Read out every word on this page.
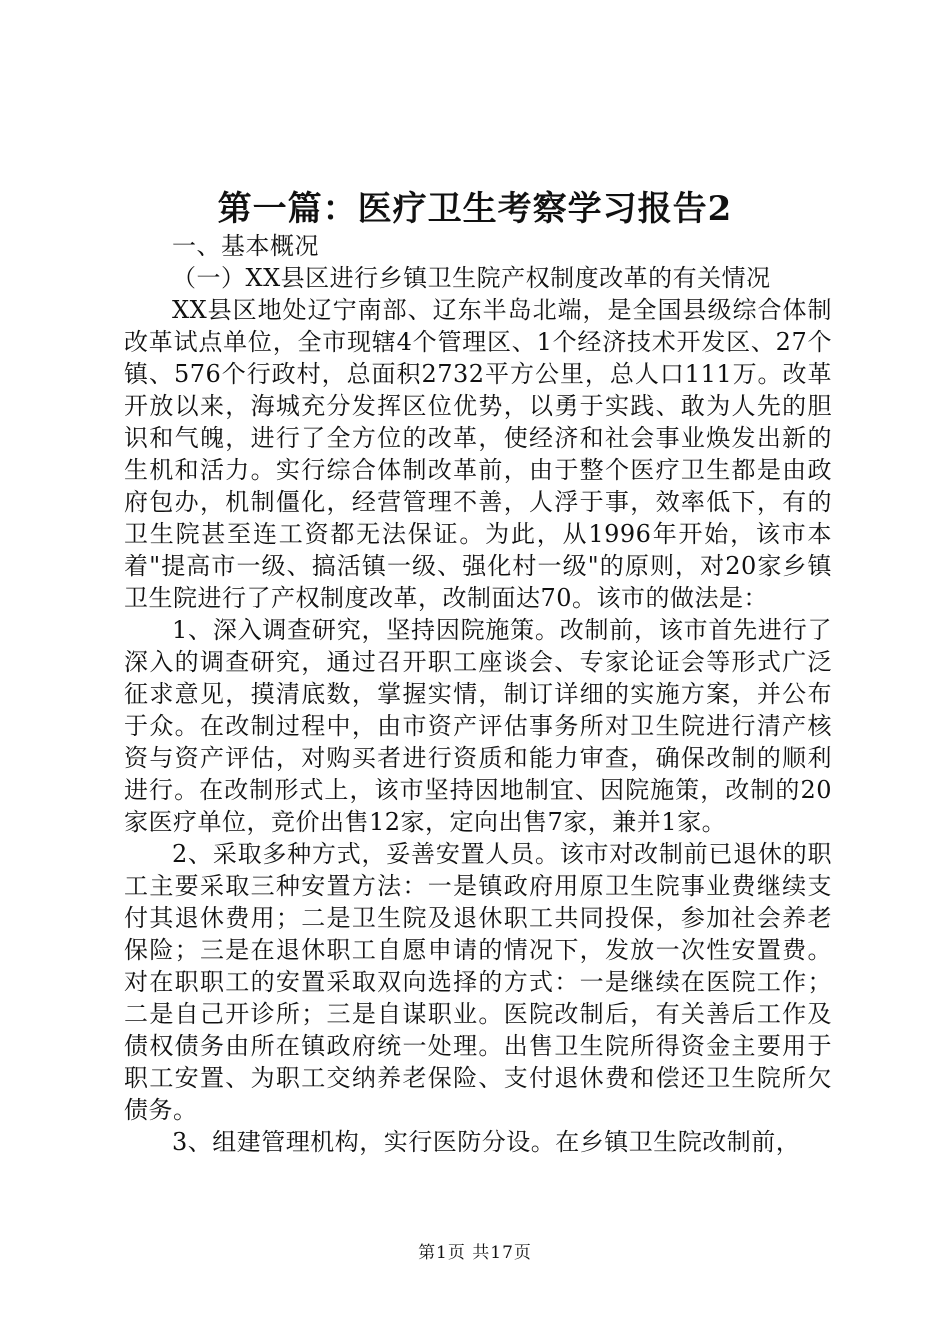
第一篇：医疗卫生考察学习报告2

一、基本概况

（一）XX县区进行乡镇卫生院产权制度改革的有关情况

XX县区地处辽宁南部、辽东半岛北端，是全国县级综合体制改革试点单位，全市现辖4个管理区、1个经济技术开发区、27个镇、576个行政村，总面积2732平方公里，总人口111万。改革开放以来，海城充分发挥区位优势，以勇于实践、敢为人先的胆识和气魄，进行了全方位的改革，使经济和社会事业焕发出新的生机和活力。实行综合体制改革前，由于整个医疗卫生都是由政府包办，机制僵化，经营管理不善，人浮于事，效率低下，有的卫生院甚至连工资都无法保证。为此，从1996年开始，该市本着"提高市一级、搞活镇一级、强化村一级"的原则，对20家乡镇卫生院进行了产权制度改革，改制面达70。该市的做法是：

1、深入调查研究，坚持因院施策。改制前，该市首先进行了深入的调查研究，通过召开职工座谈会、专家论证会等形式广泛征求意见，摸清底数，掌握实情，制订详细的实施方案，并公布于众。在改制过程中，由市资产评估事务所对卫生院进行清产核资与资产评估，对购买者进行资质和能力审查，确保改制的顺利进行。在改制形式上，该市坚持因地制宜、因院施策，改制的20家医疗单位，竞价出售12家，定向出售7家，兼并1家。

2、采取多种方式，妥善安置人员。该市对改制前已退休的职工主要采取三种安置方法：一是镇政府用原卫生院事业费继续支付其退休费用；二是卫生院及退休职工共同投保，参加社会养老保险；三是在退休职工自愿申请的情况下，发放一次性安置费。对在职职工的安置采取双向选择的方式：一是继续在医院工作；二是自己开诊所；三是自谋职业。医院改制后，有关善后工作及债权债务由所在镇政府统一处理。出售卫生院所得资金主要用于职工安置、为职工交纳养老保险、支付退休费和偿还卫生院所欠债务。

3、组建管理机构，实行医防分设。在乡镇卫生院改制前，

第1页 共17页
